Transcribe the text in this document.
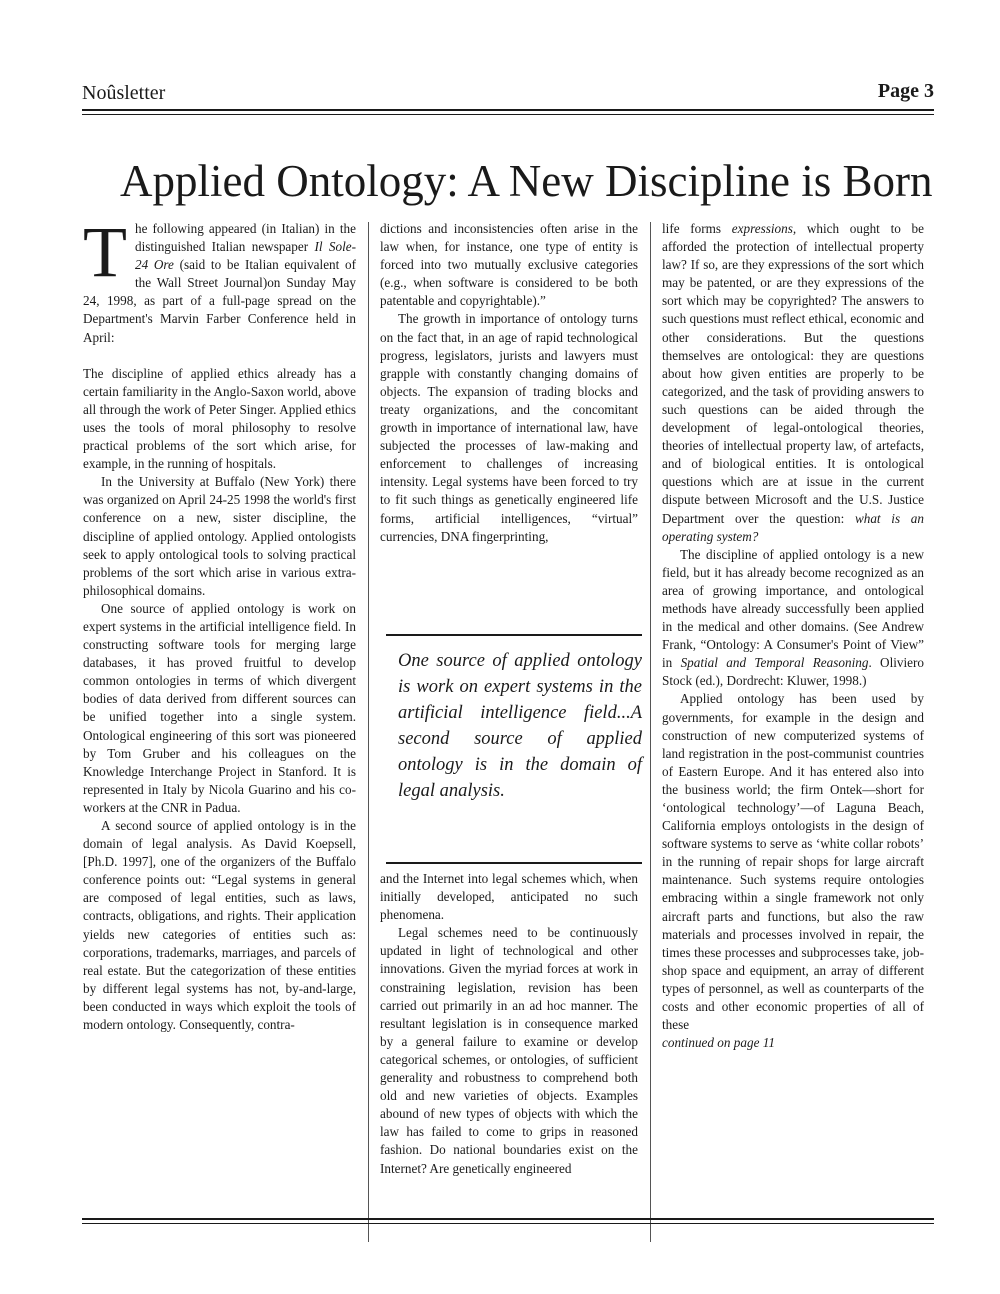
Noûsletter	Page 3
Applied Ontology: A New Discipline is Born

The following appeared (in Italian) in the distinguished Italian newspaper Il Sole-24 Ore (said to be Italian equivalent of the Wall Street Journal)on Sunday May 24, 1998, as part of a full-page spread on the Department's Marvin Farber Conference held in April:

The discipline of applied ethics already has a certain familiarity in the Anglo-Saxon world, above all through the work of Peter Singer. Applied ethics uses the tools of moral philosophy to resolve practical problems of the sort which arise, for example, in the running of hospitals.

In the University at Buffalo (New York) there was organized on April 24-25 1998 the world's first conference on a new, sister discipline, the discipline of applied ontology. Applied ontologists seek to apply ontological tools to solving practical problems of the sort which arise in various extra-philosophical domains.

One source of applied ontology is work on expert systems in the artificial intelligence field. In constructing software tools for merging large databases, it has proved fruitful to develop common ontologies in terms of which divergent bodies of data derived from different sources can be unified together into a single system. Ontological engineering of this sort was pioneered by Tom Gruber and his colleagues on the Knowledge Interchange Project in Stanford. It is represented in Italy by Nicola Guarino and his co-workers at the CNR in Padua.

A second source of applied ontology is in the domain of legal analysis. As David Koepsell, [Ph.D. 1997], one of the organizers of the Buffalo conference points out: “Legal systems in general are composed of legal entities, such as laws, contracts, obligations, and rights. Their application yields new categories of entities such as: corporations, trademarks, marriages, and parcels of real estate. But the categorization of these entities by different legal systems has not, by-and-large, been conducted in ways which exploit the tools of modern ontology. Consequently, contra-

dictions and inconsistencies often arise in the law when, for instance, one type of entity is forced into two mutually exclusive categories (e.g., when software is considered to be both patentable and copyrightable).”

The growth in importance of ontology turns on the fact that, in an age of rapid technological progress, legislators, jurists and lawyers must grapple with constantly changing domains of objects. The expansion of trading blocks and treaty organizations, and the concomitant growth in importance of international law, have subjected the processes of law-making and enforcement to challenges of increasing intensity. Legal systems have been forced to try to fit such things as genetically engineered life forms, artificial intelligences, “virtual” currencies, DNA fingerprinting,

One source of applied ontology is work on expert systems in the artificial intelligence field...A second source of applied ontology is in the domain of legal analysis.

and the Internet into legal schemes which, when initially developed, anticipated no such phenomena.

Legal schemes need to be continuously updated in light of technological and other innovations. Given the myriad forces at work in constraining legislation, revision has been carried out primarily in an ad hoc manner. The resultant legislation is in consequence marked by a general failure to examine or develop categorical schemes, or ontologies, of sufficient generality and robustness to comprehend both old and new varieties of objects. Examples abound of new types of objects with which the law has failed to come to grips in reasoned fashion. Do national boundaries exist on the Internet? Are genetically engineered

life forms expressions, which ought to be afforded the protection of intellectual property law? If so, are they expressions of the sort which may be patented, or are they expressions of the sort which may be copyrighted? The answers to such questions must reflect ethical, economic and other considerations. But the questions themselves are ontological: they are questions about how given entities are properly to be categorized, and the task of providing answers to such questions can be aided through the development of legal-ontological theories, theories of intellectual property law, of artefacts, and of biological entities. It is ontological questions which are at issue in the current dispute between Microsoft and the U.S. Justice Department over the question: what is an operating system?

The discipline of applied ontology is a new field, but it has already become recognized as an area of growing importance, and ontological methods have already successfully been applied in the medical and other domains. (See Andrew Frank, “Ontology: A Consumer's Point of View” in Spatial and Temporal Reasoning. Oliviero Stock (ed.), Dordrecht: Kluwer, 1998.)

Applied ontology has been used by governments, for example in the design and construction of new computerized systems of land registration in the post-communist countries of Eastern Europe. And it has entered also into the business world; the firm Ontek—short for ‘ontological technology’—of Laguna Beach, California employs ontologists in the design of software systems to serve as ‘white collar robots’ in the running of repair shops for large aircraft maintenance. Such systems require ontologies embracing within a single framework not only aircraft parts and functions, but also the raw materials and processes involved in repair, the times these processes and subprocesses take, job-shop space and equipment, an array of different types of personnel, as well as counterparts of the costs and other economic properties of all of these

continued on page 11
